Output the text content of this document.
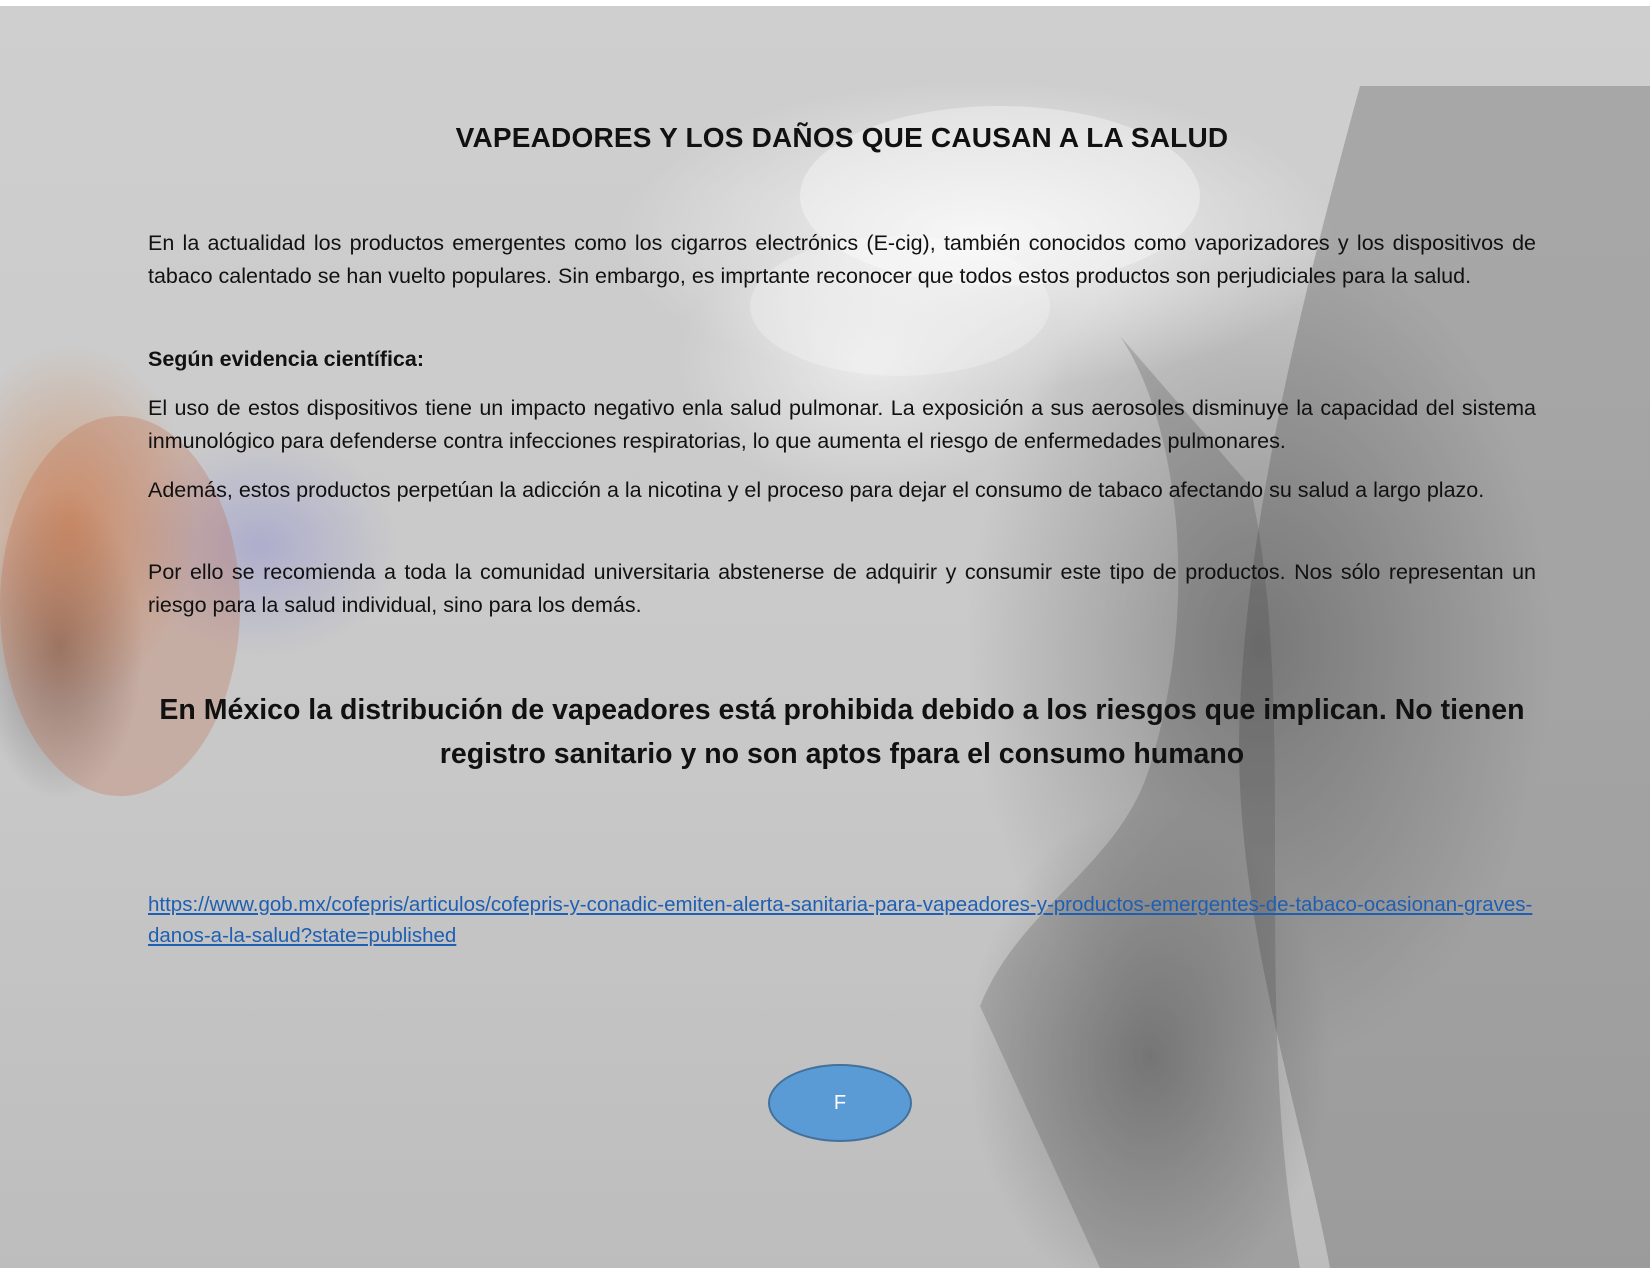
VAPEADORES Y LOS DAÑOS QUE CAUSAN A LA SALUD

En la actualidad los productos emergentes como los cigarros electrónics (E-cig), también conocidos como vaporizadores y los dispositivos de tabaco calentado se han vuelto populares. Sin embargo, es imprtante reconocer que todos estos productos son perjudiciales para la salud.

Según evidencia científica:

El uso de estos dispositivos tiene un impacto negativo enla salud pulmonar. La exposición a sus aerosoles disminuye la capacidad del sistema inmunológico para defenderse contra infecciones respiratorias, lo que aumenta el riesgo de enfermedades pulmonares.

Además, estos productos perpetúan la adicción a la nicotina y el proceso para dejar el consumo de tabaco afectando su salud a largo plazo.

Por ello se recomienda a toda la comunidad universitaria abstenerse de adquirir y consumir este tipo de productos. Nos sólo representan un riesgo para la salud individual, sino para los demás.

En México la distribución de vapeadores está prohibida debido a los riesgos que implican. No tienen registro sanitario y no son aptos fpara el consumo humano
https://www.gob.mx/cofepris/articulos/cofepris-y-conadic-emiten-alerta-sanitaria-para-vapeadores-y-productos-emergentes-de-tabaco-ocasionan-graves-danos-a-la-salud?state=published
F
